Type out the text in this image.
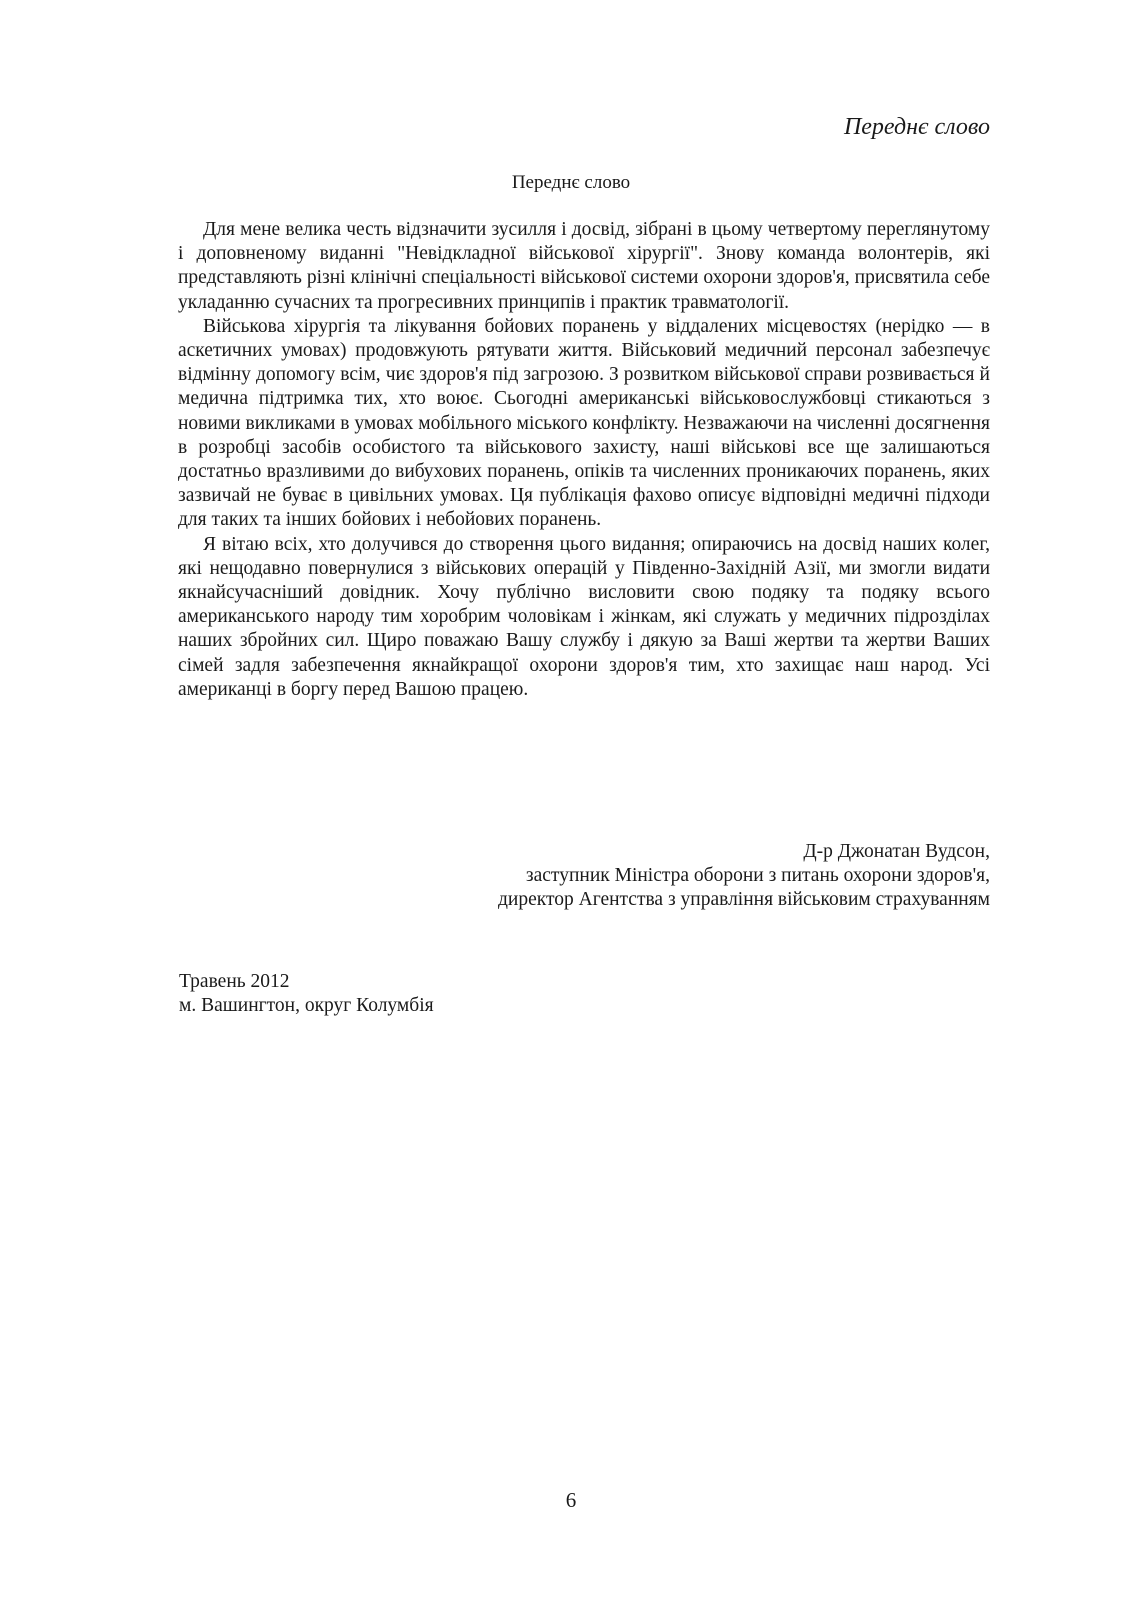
Переднє слово
Переднє слово

Для мене велика честь відзначити зусилля і досвід, зібрані в цьому четвертому переглянутому і доповненому виданні "Невідкладної військової хірургії". Знову команда волонтерів, які представляють різні клінічні спеціальності військової системи охорони здоров'я, присвятила себе укладанню сучасних та прогресивних принципів і практик травматології.

Військова хірургія та лікування бойових поранень у віддалених місцевостях (нерідко — в аскетичних умовах) продовжують рятувати життя. Військовий медичний персонал забезпечує відмінну допомогу всім, чиє здоров'я під загрозою. З розвитком військової справи розвивається й медична підтримка тих, хто воює. Сьогодні американські військовослужбовці стикаються з новими викликами в умовах мобільного міського конфлікту. Незважаючи на численні досягнення в розробці засобів особистого та військового захисту, наші військові все ще залишаються достатньо вразливими до вибухових поранень, опіків та численних проникаючих поранень, яких зазвичай не буває в цивільних умовах. Ця публікація фахово описує відповідні медичні підходи для таких та інших бойових і небойових поранень.

Я вітаю всіх, хто долучився до створення цього видання; опираючись на досвід наших колег, які нещодавно повернулися з військових операцій у Південно-Західній Азії, ми змогли видати якнайсучасніший довідник. Хочу публічно висловити свою подяку та подяку всього американського народу тим хоробрим чоловікам і жінкам, які служать у медичних підрозділах наших збройних сил. Щиро поважаю Вашу службу і дякую за Ваші жертви та жертви Ваших сімей задля забезпечення якнайкращої охорони здоров'я тим, хто захищає наш народ. Усі американці в боргу перед Вашою працею.

Д-р Джонатан Вудсон,
заступник Міністра оборони з питань охорони здоров'я,
директор Агентства з управління військовим страхуванням
Травень 2012
м. Вашингтон, округ Колумбія
6
